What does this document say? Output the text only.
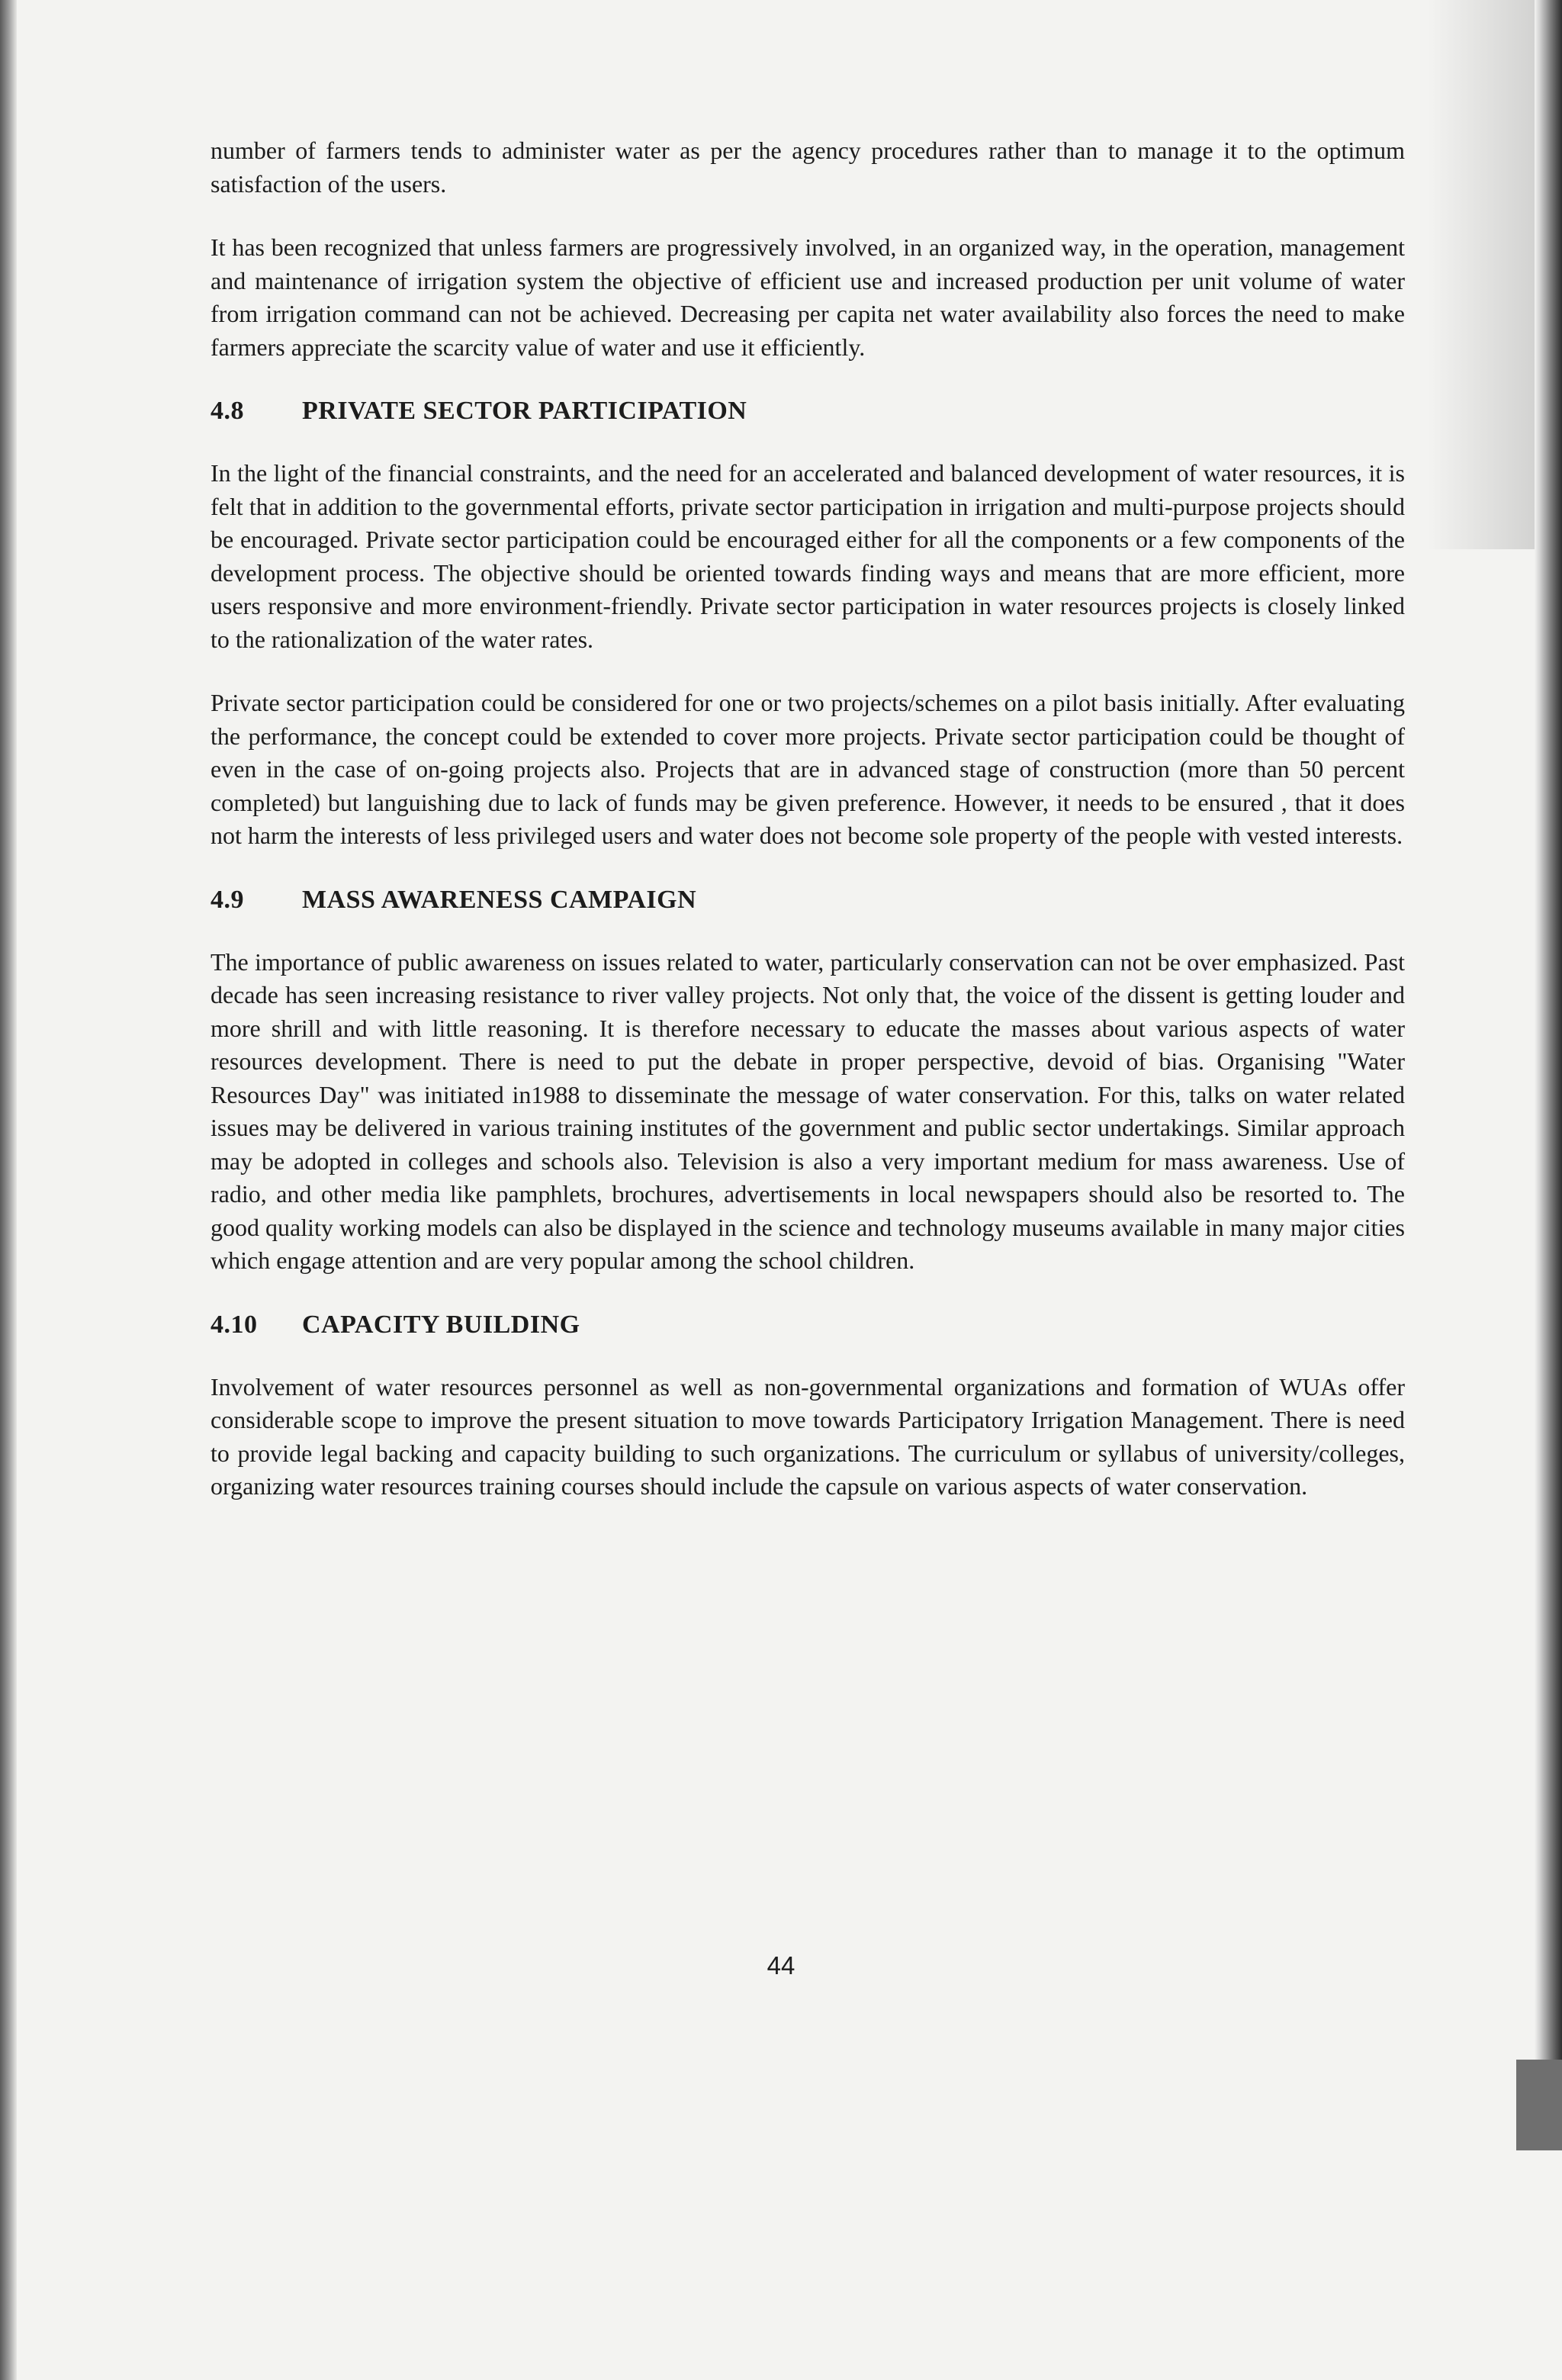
number of farmers tends to administer water as per the agency procedures rather than to manage it to the optimum satisfaction of the users.

It has been recognized that unless farmers are progressively involved, in an organized way, in the operation, management and maintenance of irrigation system the objective of efficient use and increased production per unit volume of water from irrigation command can not be achieved. Decreasing per capita net water availability also forces the need to make farmers appreciate the scarcity value of water and use it efficiently.

4.8	PRIVATE SECTOR PARTICIPATION

In the light of the financial constraints, and the need for an accelerated and balanced development of water resources, it is felt that in addition to the governmental efforts, private sector participation in irrigation and multi-purpose projects should be encouraged. Private sector participation could be encouraged either for all the components or a few components of the development process. The objective should be oriented towards finding ways and means that are more efficient, more users responsive and more environment-friendly. Private sector participation in water resources projects is closely linked to the rationalization of the water rates.

Private sector participation could be considered for one or two projects/schemes on a pilot basis initially. After evaluating the performance, the concept could be extended to cover more projects. Private sector participation could be thought of even in the case of on-going projects also. Projects that are in advanced stage of construction (more than 50 percent completed) but languishing due to lack of funds may be given preference. However, it needs to be ensured , that it does not harm the interests of less privileged users and water does not become sole property of the people with vested interests.

4.9	MASS AWARENESS CAMPAIGN

The importance of public awareness on issues related to water, particularly conservation can not be over emphasized. Past decade has seen increasing resistance to river valley projects. Not only that, the voice of the dissent is getting louder and more shrill and with little reasoning. It is therefore necessary to educate the masses about various aspects of water resources development. There is need to put the debate in proper perspective, devoid of bias. Organising "Water Resources Day" was initiated in1988 to disseminate the message of water conservation. For this, talks on water related issues may be delivered in various training institutes of the government and public sector undertakings. Similar approach may be adopted in colleges and schools also. Television is also a very important medium for mass awareness. Use of radio, and other media like pamphlets, brochures, advertisements in local newspapers should also be resorted to. The good quality working models can also be displayed in the science and technology museums available in many major cities which engage attention and are very popular among the school children.

4.10	CAPACITY BUILDING

Involvement of water resources personnel as well as non-governmental organizations and formation of WUAs offer considerable scope to improve the present situation to move towards Participatory Irrigation Management. There is need to provide legal backing and capacity building to such organizations. The curriculum or syllabus of university/colleges, organizing water resources training courses should include the capsule on various aspects of water conservation.

44
